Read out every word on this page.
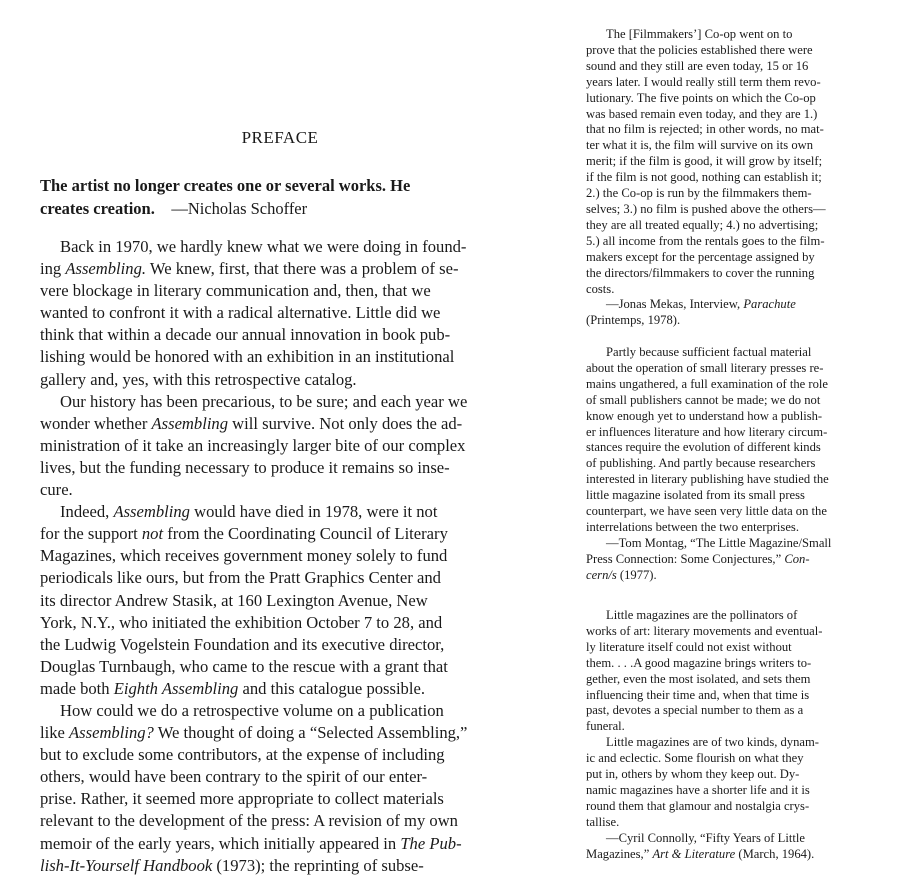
PREFACE
The artist no longer creates one or several works. He
creates creation. —Nicholas Schoffer
Back in 1970, we hardly knew what we were doing in found-
ing Assembling. We knew, first, that there was a problem of se-
vere blockage in literary communication and, then, that we
wanted to confront it with a radical alternative. Little did we
think that within a decade our annual innovation in book pub-
lishing would be honored with an exhibition in an institutional
gallery and, yes, with this retrospective catalog.
Our history has been precarious, to be sure; and each year we
wonder whether Assembling will survive. Not only does the ad-
ministration of it take an increasingly larger bite of our complex
lives, but the funding necessary to produce it remains so inse-
cure.
Indeed, Assembling would have died in 1978, were it not
for the support not from the Coordinating Council of Literary
Magazines, which receives government money solely to fund
periodicals like ours, but from the Pratt Graphics Center and
its director Andrew Stasik, at 160 Lexington Avenue, New
York, N.Y., who initiated the exhibition October 7 to 28, and
the Ludwig Vogelstein Foundation and its executive director,
Douglas Turnbaugh, who came to the rescue with a grant that
made both Eighth Assembling and this catalogue possible.
How could we do a retrospective volume on a publication
like Assembling? We thought of doing a “Selected Assembling,”
but to exclude some contributors, at the expense of including
others, would have been contrary to the spirit of our enter-
prise. Rather, it seemed more appropriate to collect materials
relevant to the development of the press: A revision of my own
memoir of the early years, which initially appeared in The Pub-
lish-It-Yourself Handbook (1973); the reprinting of subse-
The [Filmmakers’] Co-op went on to
prove that the policies established there were
sound and they still are even today, 15 or 16
years later. I would really still term them revo-
lutionary. The five points on which the Co-op
was based remain even today, and they are 1.)
that no film is rejected; in other words, no mat-
ter what it is, the film will survive on its own
merit; if the film is good, it will grow by itself;
if the film is not good, nothing can establish it;
2.) the Co-op is run by the filmmakers them-
selves; 3.) no film is pushed above the others—
they are all treated equally; 4.) no advertising;
5.) all income from the rentals goes to the film-
makers except for the percentage assigned by
the directors/filmmakers to cover the running
costs.
—Jonas Mekas, Interview, Parachute
(Printemps, 1978).
Partly because sufficient factual material
about the operation of small literary presses re-
mains ungathered, a full examination of the role
of small publishers cannot be made; we do not
know enough yet to understand how a publish-
er influences literature and how literary circum-
stances require the evolution of different kinds
of publishing. And partly because researchers
interested in literary publishing have studied the
little magazine isolated from its small press
counterpart, we have seen very little data on the
interrelations between the two enterprises.
—Tom Montag, “The Little Magazine/Small
Press Connection: Some Conjectures,” Con-
cern/s (1977).
Little magazines are the pollinators of
works of art: literary movements and eventual-
ly literature itself could not exist without
them. . . .A good magazine brings writers to-
gether, even the most isolated, and sets them
influencing their time and, when that time is
past, devotes a special number to them as a
funeral.
Little magazines are of two kinds, dynam-
ic and eclectic. Some flourish on what they
put in, others by whom they keep out. Dy-
namic magazines have a shorter life and it is
round them that glamour and nostalgia crys-
tallise.
—Cyril Connolly, “Fifty Years of Little
Magazines,” Art & Literature (March, 1964).
